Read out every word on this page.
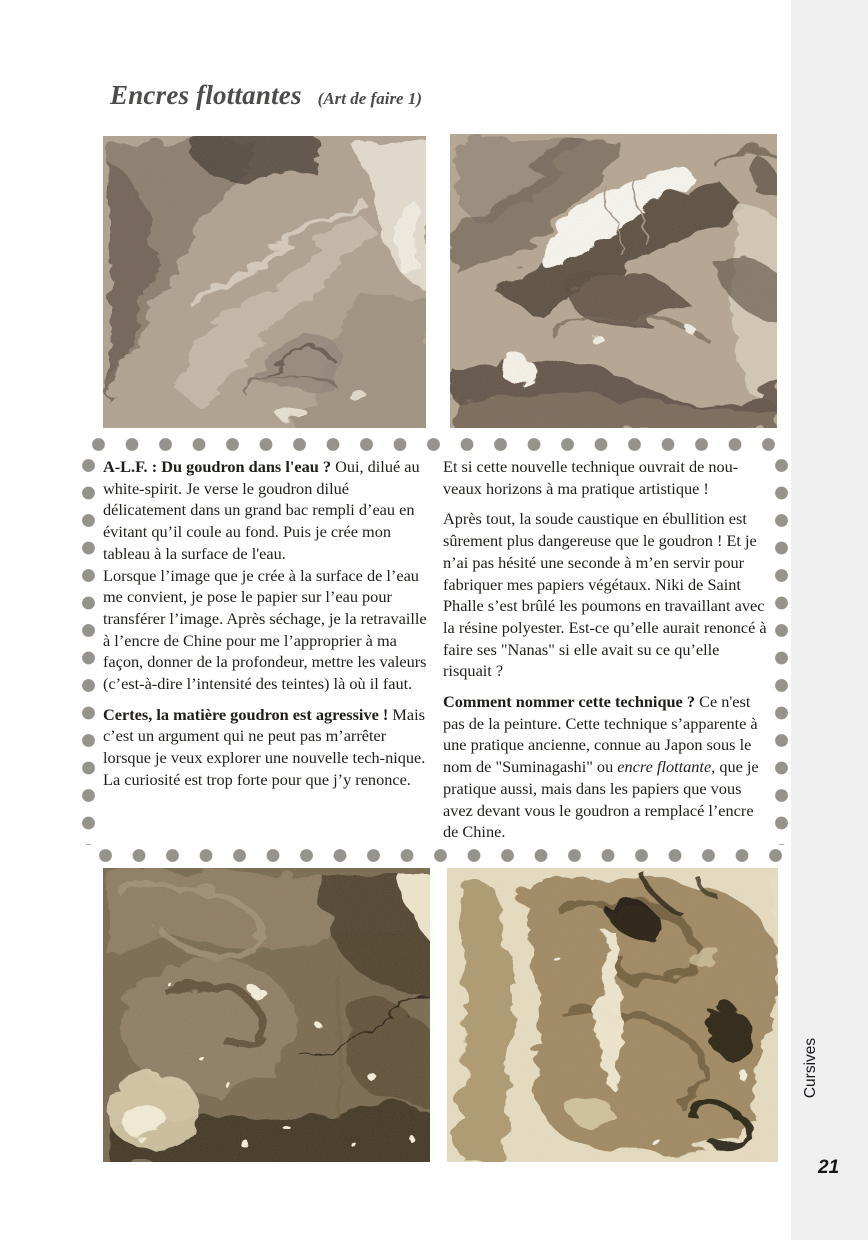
Encres flottantes (Art de faire 1)

A-L.F. : Du goudron dans l'eau ? Oui, dilué au white-spirit. Je verse le goudron dilué délicatement dans un grand bac rempli d’eau en évitant qu’il coule au fond. Puis je crée mon tableau à la surface de l'eau.

Lorsque l’image que je crée à la surface de l’eau me convient, je pose le papier sur l’eau pour transférer l’image. Après séchage, je la retravaille à l’encre de Chine pour me l’approprier à ma façon, donner de la profondeur, mettre les valeurs (c’est-à-dire l’intensité des teintes) là où il faut.

Certes, la matière goudron est agressive ! Mais c’est un argument qui ne peut pas m’arrêter lorsque je veux explorer une nouvelle tech-nique. La curiosité est trop forte pour que j’y renonce.

Et si cette nouvelle technique ouvrait de nou-veaux horizons à ma pratique artistique !

Après tout, la soude caustique en ébullition est sûrement plus dangereuse que le goudron ! Et je n’ai pas hésité une seconde à m’en servir pour fabriquer mes papiers végétaux. Niki de Saint Phalle s’est brûlé les poumons en travaillant avec la résine polyester. Est-ce qu’elle aurait renoncé à faire ses "Nanas" si elle avait su ce qu’elle risquait ?

Comment nommer cette technique ? Ce n'est pas de la peinture. Cette technique s’apparente à une pratique ancienne, connue au Japon sous le nom de "Suminagashi" ou encre flottante, que je pratique aussi, mais dans les papiers que vous avez devant vous le goudron a remplacé l’encre de Chine.

Cursives
21
